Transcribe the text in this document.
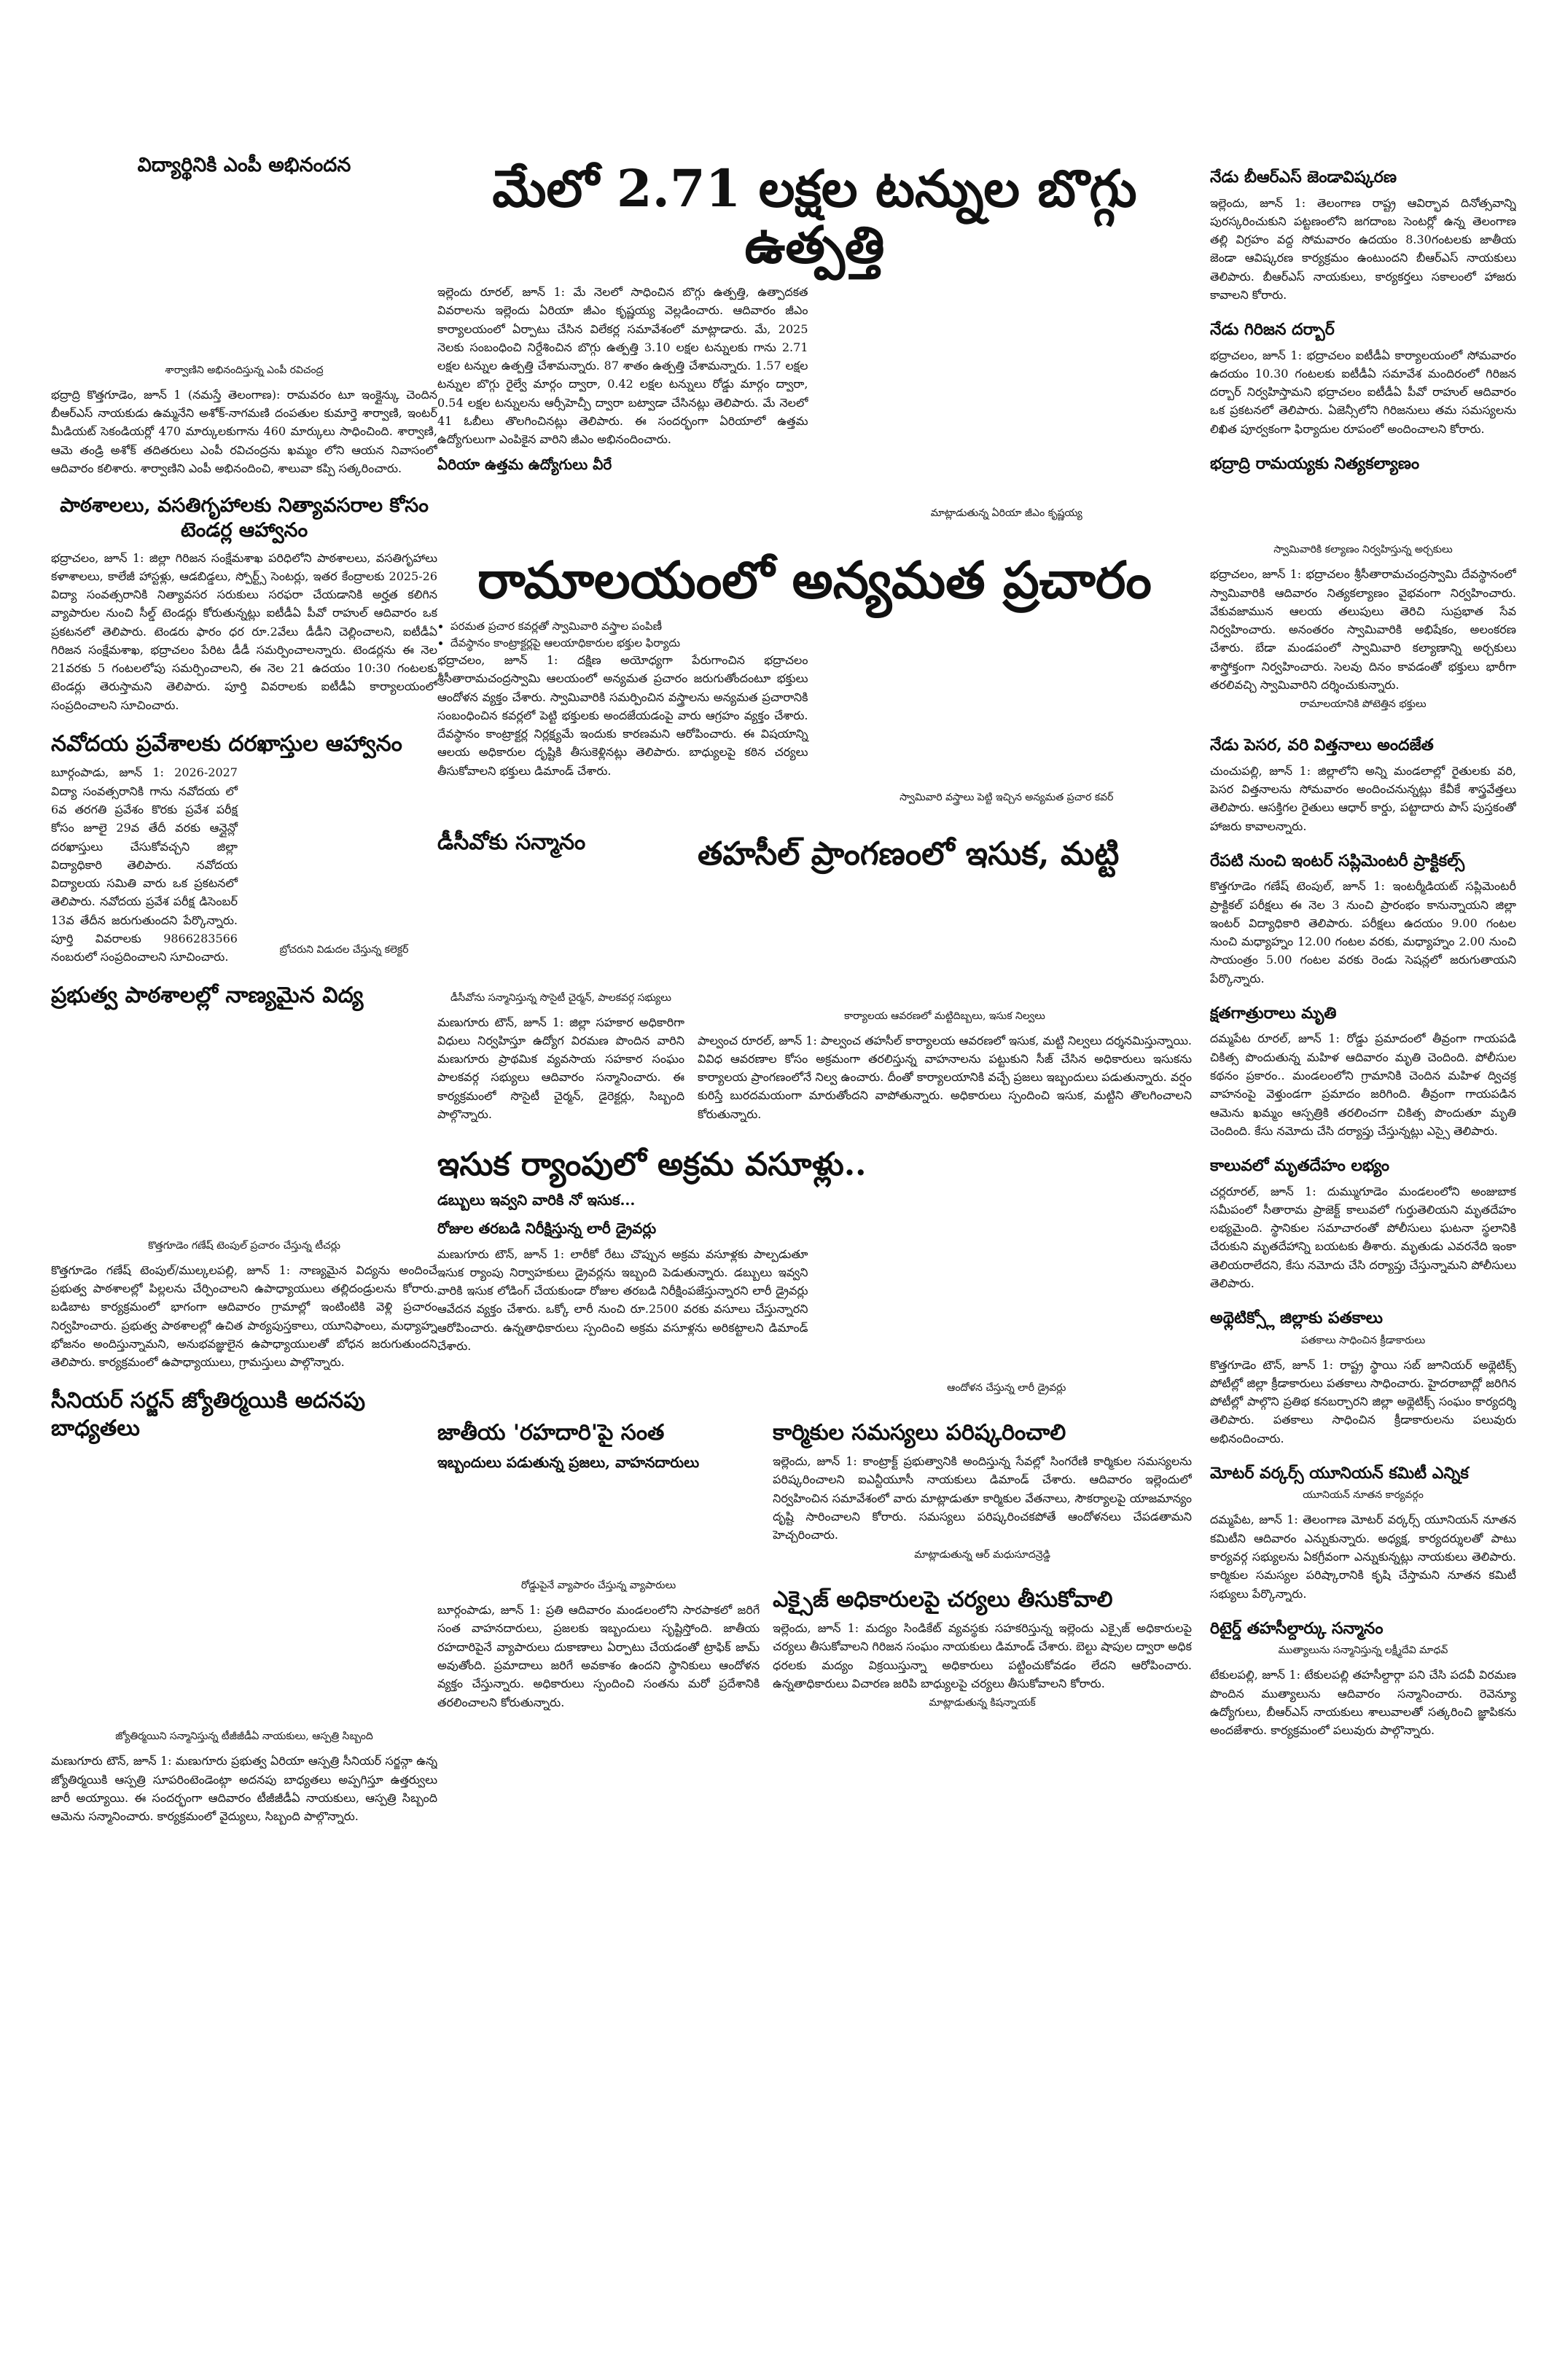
విద్యార్థినికి ఎంపీ అభినందన
శార్వాణిని అభినందిస్తున్న ఎంపీ రవిచంద్ర

భద్రాద్రి కొత్తగూడెం, జూన్ 1 (నమస్తే తెలంగాణ): రామవరం టూ ఇంక్లైన్కు చెందిన బీఆర్ఎస్ నాయకుడు ఉమ్మనేని అశోక్-నాగమణి దంపతుల కుమార్తె శార్వాణి, ఇంటర్ మీడియట్ సెకండియర్లో 470 మార్కులకుగాను 460 మార్కులు సాధించింది. శార్వాణి, ఆమె తండ్రి అశోక్ తదితరులు ఎంపీ రవిచంద్రను ఖమ్మం లోని ఆయన నివాసంలో ఆదివారం కలిశారు. శార్వాణిని ఎంపీ అభినందించి, శాలువా కప్పి సత్కరించారు.

పాఠశాలలు, వసతిగృహాలకు నిత్యావసరాల కోసం టెండర్ల ఆహ్వానం

భద్రాచలం, జూన్ 1: జిల్లా గిరిజన సంక్షేమశాఖ పరిధిలోని పాఠశాలలు, వసతిగృహాలు కళాశాలలు, కాలేజీ హాస్టళ్లు, ఆడబిడ్డలు, స్పోర్ట్స్ సెంటర్లు, ఇతర కేంద్రాలకు 2025-26 విద్యా సంవత్సరానికి నిత్యావసర సరుకులు సరఫరా చేయడానికి అర్హత కలిగిన వ్యాపారుల నుంచి సీల్డ్ టెండర్లు కోరుతున్నట్లు ఐటీడీఏ పీవో రాహుల్ ఆదివారం ఒక ప్రకటనలో తెలిపారు. టెండరు ఫారం ధర రూ.2వేలు డీడీని చెల్లించాలని, ఐటీడీఏ గిరిజన సంక్షేమశాఖ, భద్రాచలం పేరిట డీడీ సమర్పించాలన్నారు. టెండర్లను ఈ నెల 21వరకు 5 గంటలలోపు సమర్పించాలని, ఈ నెల 21 ఉదయం 10:30 గంటలకు టెండర్లు తెరుస్తామని తెలిపారు. పూర్తి వివరాలకు ఐటీడీఏ కార్యాలయంలో సంప్రదించాలని సూచించారు.

నవోదయ ప్రవేశాలకు దరఖాస్తుల ఆహ్వానం

బూర్గంపాడు, జూన్ 1: 2026-2027 విద్యా సంవత్సరానికి గాను నవోదయ లో 6వ తరగతి ప్రవేశం కొరకు ప్రవేశ పరీక్ష కోసం జూలై 29వ తేదీ వరకు ఆన్లైన్లో దరఖాస్తులు చేసుకోవచ్చని జిల్లా విద్యాధికారి తెలిపారు. నవోదయ విద్యాలయ సమితి వారు ఒక ప్రకటనలో తెలిపారు. నవోదయ ప్రవేశ పరీక్ష డిసెంబర్ 13వ తేదీన జరుగుతుందని పేర్కొన్నారు. పూర్తి వివరాలకు 9866283566 నంబరులో సంప్రదించాలని సూచించారు.	బ్రోచరుని విడుదల చేస్తున్న కలెక్టర్
ప్రభుత్వ పాఠశాలల్లో నాణ్యమైన విద్య
కొత్తగూడెం గణేష్ టెంపుల్ ప్రచారం చేస్తున్న టీచర్లు

కొత్తగూడెం గణేష్ టెంపుల్/ముల్కలపల్లి, జూన్ 1: నాణ్యమైన విద్యను అందించే ప్రభుత్వ పాఠశాలల్లో పిల్లలను చేర్పించాలని ఉపాధ్యాయులు తల్లిదండ్రులను కోరారు. బడిబాట కార్యక్రమంలో భాగంగా ఆదివారం గ్రామాల్లో ఇంటింటికి వెళ్లి ప్రచారం నిర్వహించారు. ప్రభుత్వ పాఠశాలల్లో ఉచిత పాఠ్యపుస్తకాలు, యూనిఫాంలు, మధ్యాహ్న భోజనం అందిస్తున్నామని, అనుభవజ్ఞులైన ఉపాధ్యాయులతో బోధన జరుగుతుందని తెలిపారు. కార్యక్రమంలో ఉపాధ్యాయులు, గ్రామస్తులు పాల్గొన్నారు.

సీనియర్ సర్జన్ జ్యోతిర్మయికి అదనపు బాధ్యతలు
జ్యోతిర్మయిని సన్మానిస్తున్న టీజీజీడీఏ నాయకులు, ఆస్పత్రి సిబ్బంది

మణుగూరు టౌన్, జూన్ 1: మణుగూరు ప్రభుత్వ ఏరియా ఆస్పత్రి సీనియర్ సర్జన్గా ఉన్న జ్యోతిర్మయికి ఆస్పత్రి సూపరింటెండెంట్గా అదనపు బాధ్యతలు అప్పగిస్తూ ఉత్తర్వులు జారీ అయ్యాయి. ఈ సందర్భంగా ఆదివారం టీజీజీడీఏ నాయకులు, ఆస్పత్రి సిబ్బంది ఆమెను సన్మానించారు. కార్యక్రమంలో వైద్యులు, సిబ్బంది పాల్గొన్నారు.

మేలో 2.71 లక్షల టన్నుల బొగ్గు ఉత్పత్తి

ఇల్లెందు రూరల్, జూన్ 1: మే నెలలో సాధించిన బొగ్గు ఉత్పత్తి, ఉత్పాదకత వివరాలను ఇల్లెందు ఏరియా జీఎం కృష్ణయ్య వెల్లడించారు. ఆదివారం జీఎం కార్యాలయంలో ఏర్పాటు చేసిన విలేకర్ల సమావేశంలో మాట్లాడారు. మే, 2025 నెలకు సంబంధించి నిర్దేశించిన బొగ్గు ఉత్పత్తి 3.10 లక్షల టన్నులకు గాను 2.71 లక్షల టన్నుల ఉత్పత్తి చేశామన్నారు. 87 శాతం ఉత్పత్తి చేశామన్నారు. 1.57 లక్షల టన్నుల బొగ్గు రైల్వే మార్గం ద్వారా, 0.42 లక్షల టన్నులు రోడ్డు మార్గం ద్వారా, 0.54 లక్షల టన్నులను ఆర్సీహెచ్పీ ద్వారా బట్వాడా చేసినట్లు తెలిపారు. మే నెలలో 41 ఓబీలు తొలగించినట్లు తెలిపారు. ఈ సందర్భంగా ఏరియాలో ఉత్తమ ఉద్యోగులుగా ఎంపికైన వారిని జీఎం అభినందించారు.

ఏరియా ఉత్తమ ఉద్యోగులు వీరే
మాట్లాడుతున్న ఏరియా జీఎం కృష్ణయ్య
రామాలయంలో అన్యమత ప్రచారం
• పరమత ప్రచార కవర్లతో స్వామివారి వస్త్రాల పంపిణీ
• దేవస్థానం కాంట్రాక్టర్లపై ఆలయాధికారుల భక్తుల ఫిర్యాదు

భద్రాచలం, జూన్ 1: దక్షిణ అయోధ్యగా పేరుగాంచిన భద్రాచలం శ్రీసీతారామచంద్రస్వామి ఆలయంలో అన్యమత ప్రచారం జరుగుతోందంటూ భక్తులు ఆందోళన వ్యక్తం చేశారు. స్వామివారికి సమర్పించిన వస్త్రాలను అన్యమత ప్రచారానికి సంబంధించిన కవర్లలో పెట్టి భక్తులకు అందజేయడంపై వారు ఆగ్రహం వ్యక్తం చేశారు. దేవస్థానం కాంట్రాక్టర్ల నిర్లక్ష్యమే ఇందుకు కారణమని ఆరోపించారు. ఈ విషయాన్ని ఆలయ అధికారుల దృష్టికి తీసుకెళ్లినట్లు తెలిపారు. బాధ్యులపై కఠిన చర్యలు తీసుకోవాలని భక్తులు డిమాండ్ చేశారు.

స్వామివారి వస్త్రాలు పెట్టి ఇచ్చిన అన్యమత ప్రచార కవర్
డీసీవోకు సన్మానం
డీసీవోను సన్మానిస్తున్న సొసైటీ చైర్మన్, పాలకవర్గ సభ్యులు

మణుగూరు టౌన్, జూన్ 1: జిల్లా సహకార అధికారిగా విధులు నిర్వహిస్తూ ఉద్యోగ విరమణ పొందిన వారిని మణుగూరు ప్రాథమిక వ్యవసాయ సహకార సంఘం పాలకవర్గ సభ్యులు ఆదివారం సన్మానించారు. ఈ కార్యక్రమంలో సొసైటీ చైర్మన్, డైరెక్టర్లు, సిబ్బంది పాల్గొన్నారు.

తహసీల్ ప్రాంగణంలో ఇసుక, మట్టి
కార్యాలయ ఆవరణలో మట్టిదిబ్బలు, ఇసుక నిల్వలు

పాల్వంచ రూరల్, జూన్ 1: పాల్వంచ తహసీల్ కార్యాలయ ఆవరణలో ఇసుక, మట్టి నిల్వలు దర్శనమిస్తున్నాయి. వివిధ ఆవరణాల కోసం అక్రమంగా తరలిస్తున్న వాహనాలను పట్టుకుని సీజ్ చేసిన అధికారులు ఇసుకను కార్యాలయ ప్రాంగణంలోనే నిల్వ ఉంచారు. దీంతో కార్యాలయానికి వచ్చే ప్రజలు ఇబ్బందులు పడుతున్నారు. వర్షం కురిస్తే బురదమయంగా మారుతోందని వాపోతున్నారు. అధికారులు స్పందించి ఇసుక, మట్టిని తొలగించాలని కోరుతున్నారు.

ఇసుక ర్యాంపులో అక్రమ వసూళ్లు..
డబ్బులు ఇవ్వని వారికి నో ఇసుక...
రోజుల తరబడి నిరీక్షిస్తున్న లారీ డ్రైవర్లు

మణుగూరు టౌన్, జూన్ 1: లారీకో రేటు చొప్పున అక్రమ వసూళ్లకు పాల్పడుతూ ఇసుక ర్యాంపు నిర్వాహకులు డ్రైవర్లను ఇబ్బంది పెడుతున్నారు. డబ్బులు ఇవ్వని వారికి ఇసుక లోడింగ్ చేయకుండా రోజుల తరబడి నిరీక్షింపజేస్తున్నారని లారీ డ్రైవర్లు ఆవేదన వ్యక్తం చేశారు. ఒక్కో లారీ నుంచి రూ.2500 వరకు వసూలు చేస్తున్నారని ఆరోపించారు. ఉన్నతాధికారులు స్పందించి అక్రమ వసూళ్లను అరికట్టాలని డిమాండ్ చేశారు.

ఆందోళన చేస్తున్న లారీ డ్రైవర్లు
జాతీయ 'రహదారి'పై సంత
ఇబ్బందులు పడుతున్న ప్రజలు, వాహనదారులు
రోడ్డుపైనే వ్యాపారం చేస్తున్న వ్యాపారులు

బూర్గంపాడు, జూన్ 1: ప్రతి ఆదివారం మండలంలోని సారపాకలో జరిగే సంత వాహనదారులు, ప్రజలకు ఇబ్బందులు సృష్టిస్తోంది. జాతీయ రహదారిపైనే వ్యాపారులు దుకాణాలు ఏర్పాటు చేయడంతో ట్రాఫిక్ జామ్ అవుతోంది. ప్రమాదాలు జరిగే అవకాశం ఉందని స్థానికులు ఆందోళన వ్యక్తం చేస్తున్నారు. అధికారులు స్పందించి సంతను మరో ప్రదేశానికి తరలించాలని కోరుతున్నారు.

కార్మికుల సమస్యలు పరిష్కరించాలి

ఇల్లెందు, జూన్ 1: కాంట్రాక్ట్ ప్రభుత్వానికి అందిస్తున్న సేవల్లో సింగరేణి కార్మికుల సమస్యలను పరిష్కరించాలని ఐఎన్టీయూసీ నాయకులు డిమాండ్ చేశారు. ఆదివారం ఇల్లెందులో నిర్వహించిన సమావేశంలో వారు మాట్లాడుతూ కార్మికుల వేతనాలు, సౌకర్యాలపై యాజమాన్యం దృష్టి సారించాలని కోరారు. సమస్యలు పరిష్కరించకపోతే ఆందోళనలు చేపడతామని హెచ్చరించారు.

మాట్లాడుతున్న ఆర్ మధుసూదన్రెడ్డి
ఎక్సైజ్ అధికారులపై చర్యలు తీసుకోవాలి

ఇల్లెందు, జూన్ 1: మద్యం సిండికేట్ వ్యవస్థకు సహకరిస్తున్న ఇల్లెందు ఎక్సైజ్ అధికారులపై చర్యలు తీసుకోవాలని గిరిజన సంఘం నాయకులు డిమాండ్ చేశారు. బెల్టు షాపుల ద్వారా అధిక ధరలకు మద్యం విక్రయిస్తున్నా అధికారులు పట్టించుకోవడం లేదని ఆరోపించారు. ఉన్నతాధికారులు విచారణ జరిపి బాధ్యులపై చర్యలు తీసుకోవాలని కోరారు.

మాట్లాడుతున్న కిషన్నాయక్
నేడు బీఆర్ఎస్ జెండావిష్కరణ

ఇల్లెందు, జూన్ 1: తెలంగాణ రాష్ట్ర ఆవిర్భావ దినోత్సవాన్ని పురస్కరించుకుని పట్టణంలోని జగదాంబ సెంటర్లో ఉన్న తెలంగాణ తల్లి విగ్రహం వద్ద సోమవారం ఉదయం 8.30గంటలకు జాతీయ జెండా ఆవిష్కరణ కార్యక్రమం ఉంటుందని బీఆర్ఎస్ నాయకులు తెలిపారు. బీఆర్ఎస్ నాయకులు, కార్యకర్తలు సకాలంలో హాజరు కావాలని కోరారు.

నేడు గిరిజన దర్బార్

భద్రాచలం, జూన్ 1: భద్రాచలం ఐటీడీఏ కార్యాలయంలో సోమవారం ఉదయం 10.30 గంటలకు ఐటీడీఏ సమావేశ మందిరంలో గిరిజన దర్బార్ నిర్వహిస్తామని భద్రాచలం ఐటీడీఏ పీవో రాహుల్ ఆదివారం ఒక ప్రకటనలో తెలిపారు. ఏజెన్సీలోని గిరిజనులు తమ సమస్యలను లిఖిత పూర్వకంగా ఫిర్యాదుల రూపంలో అందించాలని కోరారు.

భద్రాద్రి రామయ్యకు నిత్యకల్యాణం
స్వామివారికి కల్యాణం నిర్వహిస్తున్న అర్చకులు

భద్రాచలం, జూన్ 1: భద్రాచలం శ్రీసీతారామచంద్రస్వామి దేవస్థానంలో స్వామివారికి ఆదివారం నిత్యకల్యాణం వైభవంగా నిర్వహించారు. వేకువజామున ఆలయ తలుపులు తెరిచి సుప్రభాత సేవ నిర్వహించారు. అనంతరం స్వామివారికి అభిషేకం, అలంకరణ చేశారు. బేడా మండపంలో స్వామివారి కల్యాణాన్ని అర్చకులు శాస్త్రోక్తంగా నిర్వహించారు. సెలవు దినం కావడంతో భక్తులు భారీగా తరలివచ్చి స్వామివారిని దర్శించుకున్నారు.

రామాలయానికి పోటెత్తిన భక్తులు
నేడు పెసర, వరి విత్తనాలు అందజేత

చుంచుపల్లి, జూన్ 1: జిల్లాలోని అన్ని మండలాల్లో రైతులకు వరి, పెసర విత్తనాలను సోమవారం అందించనున్నట్లు కేవీకే శాస్త్రవేత్తలు తెలిపారు. ఆసక్తిగల రైతులు ఆధార్ కార్డు, పట్టాదారు పాస్ పుస్తకంతో హాజరు కావాలన్నారు.

రేపటి నుంచి ఇంటర్ సప్లిమెంటరీ ప్రాక్టికల్స్

కొత్తగూడెం గణేష్ టెంపుల్, జూన్ 1: ఇంటర్మీడియట్ సప్లిమెంటరీ ప్రాక్టికల్ పరీక్షలు ఈ నెల 3 నుంచి ప్రారంభం కానున్నాయని జిల్లా ఇంటర్ విద్యాధికారి తెలిపారు. పరీక్షలు ఉదయం 9.00 గంటల నుంచి మధ్యాహ్నం 12.00 గంటల వరకు, మధ్యాహ్నం 2.00 నుంచి సాయంత్రం 5.00 గంటల వరకు రెండు సెషన్లలో జరుగుతాయని పేర్కొన్నారు.

క్షతగాత్రురాలు మృతి

దమ్మపేట రూరల్, జూన్ 1: రోడ్డు ప్రమాదంలో తీవ్రంగా గాయపడి చికిత్స పొందుతున్న మహిళ ఆదివారం మృతి చెందింది. పోలీసుల కథనం ప్రకారం.. మండలంలోని గ్రామానికి చెందిన మహిళ ద్విచక్ర వాహనంపై వెళ్తుండగా ప్రమాదం జరిగింది. తీవ్రంగా గాయపడిన ఆమెను ఖమ్మం ఆస్పత్రికి తరలించగా చికిత్స పొందుతూ మృతి చెందింది. కేసు నమోదు చేసి దర్యాప్తు చేస్తున్నట్లు ఎస్సై తెలిపారు.

కాలువలో మృతదేహం లభ్యం

చర్లరూరల్, జూన్ 1: దుమ్ముగూడెం మండలంలోని అంజుబాక సమీపంలో సీతారామ ప్రాజెక్ట్ కాలువలో గుర్తుతెలియని మృతదేహం లభ్యమైంది. స్థానికుల సమాచారంతో పోలీసులు ఘటనా స్థలానికి చేరుకుని మృతదేహాన్ని బయటకు తీశారు. మృతుడు ఎవరనేది ఇంకా తెలియరాలేదని, కేసు నమోదు చేసి దర్యాప్తు చేస్తున్నామని పోలీసులు తెలిపారు.

అథ్లెటిక్స్లో జిల్లాకు పతకాలు
పతకాలు సాధించిన క్రీడాకారులు

కొత్తగూడెం టౌన్, జూన్ 1: రాష్ట్ర స్థాయి సబ్ జూనియర్ అథ్లెటిక్స్ పోటీల్లో జిల్లా క్రీడాకారులు పతకాలు సాధించారు. హైదరాబాద్లో జరిగిన పోటీల్లో పాల్గొని ప్రతిభ కనబర్చారని జిల్లా అథ్లెటిక్స్ సంఘం కార్యదర్శి తెలిపారు. పతకాలు సాధించిన క్రీడాకారులను పలువురు అభినందించారు.

మోటర్ వర్కర్స్ యూనియన్ కమిటీ ఎన్నిక
యూనియన్ నూతన కార్యవర్గం

దమ్మపేట, జూన్ 1: తెలంగాణ మోటర్ వర్కర్స్ యూనియన్ నూతన కమిటీని ఆదివారం ఎన్నుకున్నారు. అధ్యక్ష, కార్యదర్శులతో పాటు కార్యవర్గ సభ్యులను ఏకగ్రీవంగా ఎన్నుకున్నట్లు నాయకులు తెలిపారు. కార్మికుల సమస్యల పరిష్కారానికి కృషి చేస్తామని నూతన కమిటీ సభ్యులు పేర్కొన్నారు.

రిటైర్డ్ తహసీల్దార్కు సన్మానం
ముత్యాలును సన్మానిస్తున్న లక్ష్మీదేవి మాధవ్

టేకులపల్లి, జూన్ 1: టేకులపల్లి తహసీల్దార్గా పని చేసి పదవీ విరమణ పొందిన ముత్యాలును ఆదివారం సన్మానించారు. రెవెన్యూ ఉద్యోగులు, బీఆర్ఎస్ నాయకులు శాలువాలతో సత్కరించి జ్ఞాపికను అందజేశారు. కార్యక్రమంలో పలువురు పాల్గొన్నారు.
